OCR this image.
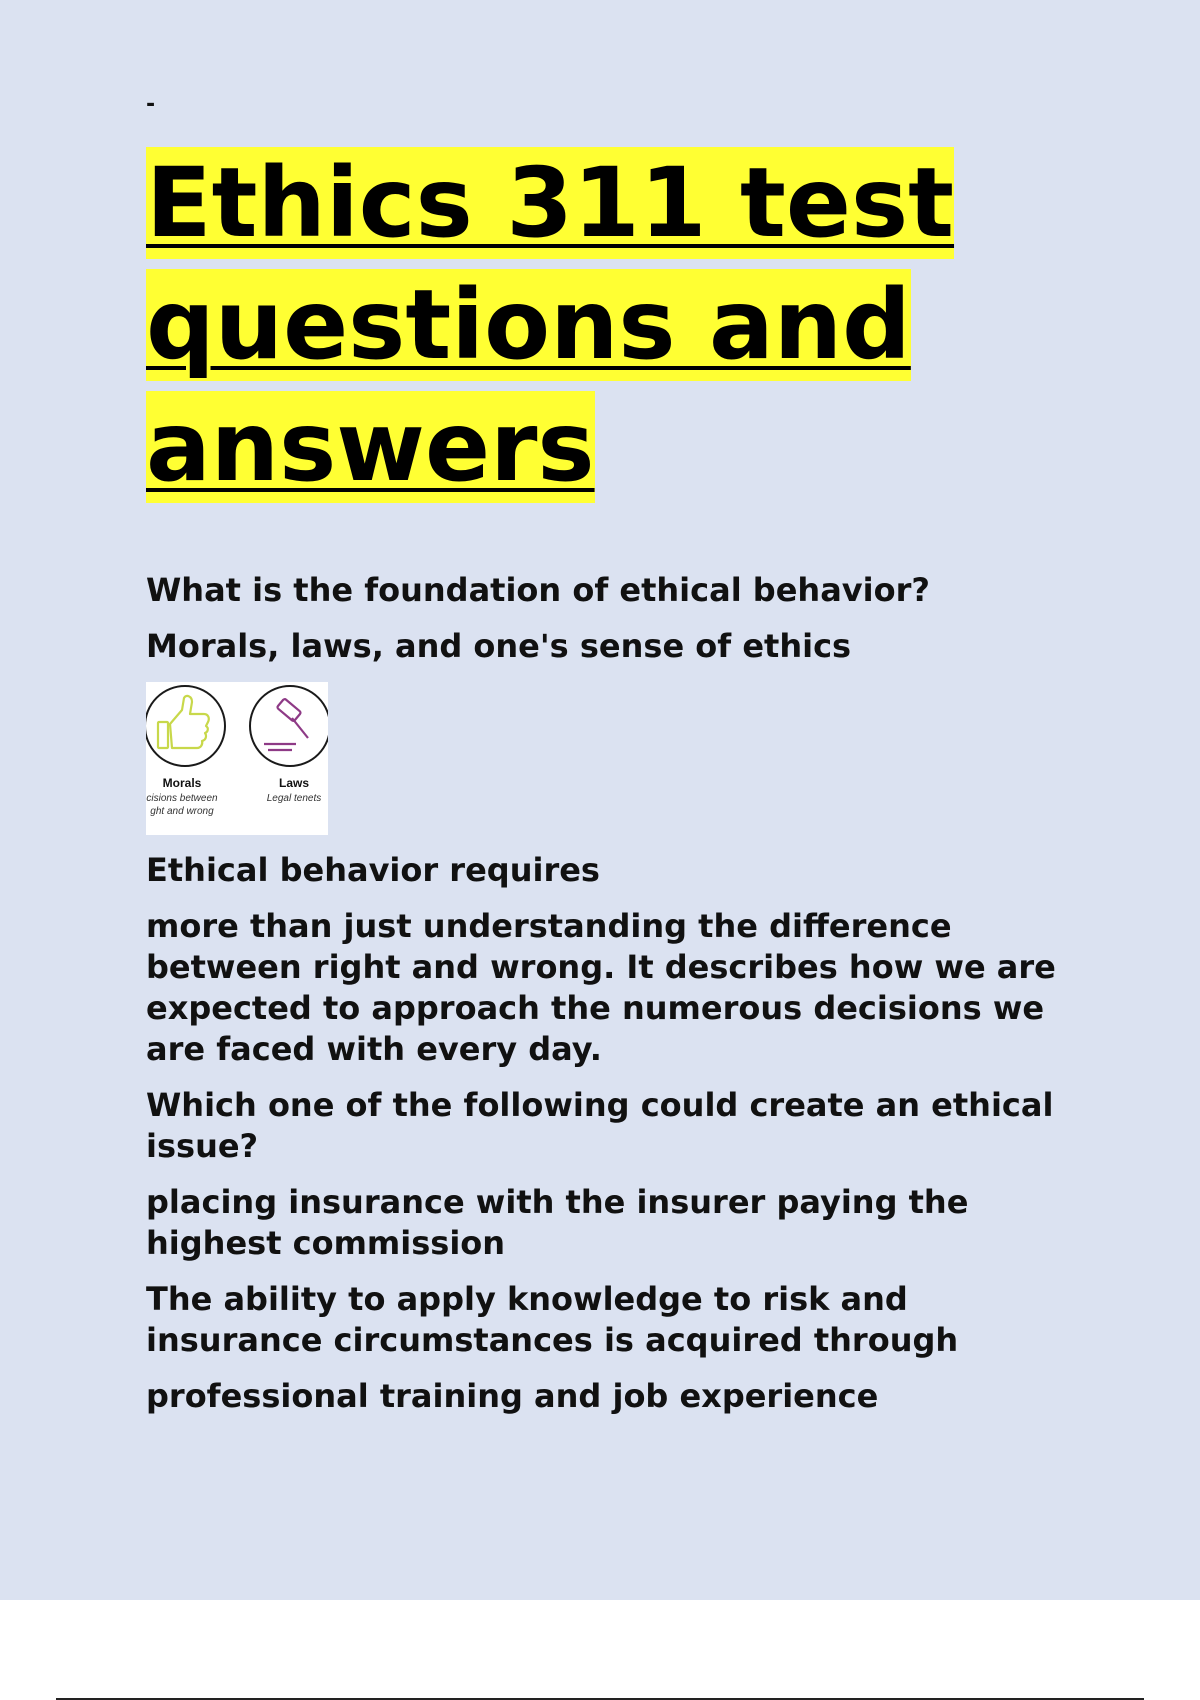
-
Ethics 311 test
questions and
answers

What is the foundation of ethical behavior?

Morals, laws, and one's sense of ethics

Morals
cisions between
ght and wrong
Laws
Legal tenets

Ethical behavior requires

more than just understanding the difference between right and wrong. It describes how we are expected to approach the numerous decisions we are faced with every day.

Which one of the following could create an ethical issue?

placing insurance with the insurer paying the highest commission

The ability to apply knowledge to risk and insurance circumstances is acquired through

professional training and job experience
